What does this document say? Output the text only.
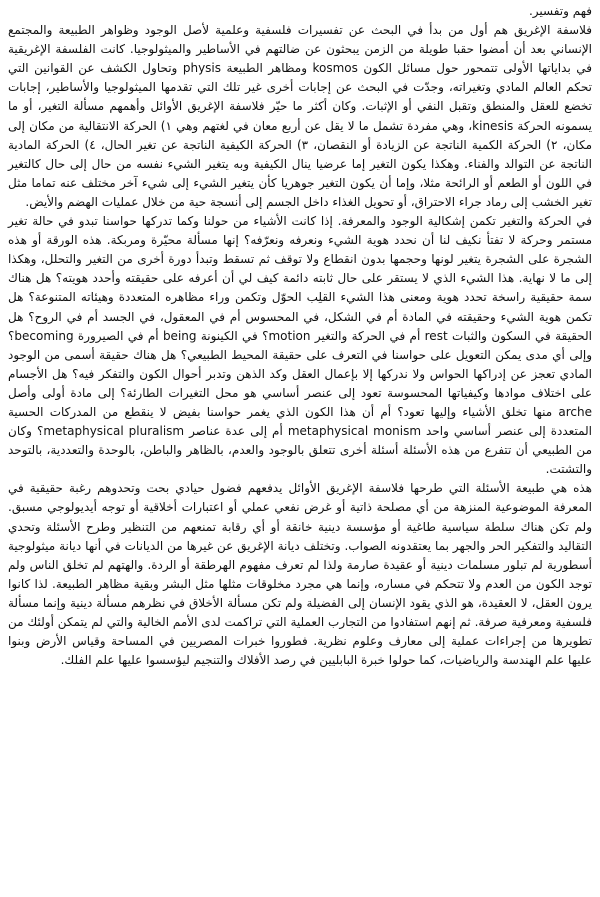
فهم وتفسير.

فلاسفة الإغريق هم أول من بدأ في البحث عن تفسيرات فلسفية وعلمية لأصل الوجود وظواهر الطبيعة والمجتمع الإنساني بعد أن أمضوا حقبا طويلة من الزمن يبحثون عن ضالتهم في الأساطير والميثولوجيا. كانت الفلسفة الإغريقية في بداياتها الأولى تتمحور حول مسائل الكون kosmos ومظاهر الطبيعة physis وتحاول الكشف عن القوانين التي تحكم العالم المادي وتغيراته، وجدّت في البحث عن إجابات أخرى غير تلك التي تقدمها الميثولوجيا والأساطير، إجابات تخضع للعقل والمنطق وتقبل النفي أو الإثبات. وكان أكثر ما حيّر فلاسفة الإغريق الأوائل وأهمهم مسألة التغير، أو ما يسمونه الحركة kinesis، وهي مفردة تشمل ما لا يقل عن أربع معان في لغتهم وهي ١) الحركة الانتقالية من مكان إلى مكان، ٢) الحركة الكمية الناتجة عن الزيادة أو النقصان، ٣) الحركة الكيفية الناتجة عن تغير الحال، ٤) الحركة المادية الناتجة عن التوالد والفناء. وهكذا يكون التغير إما عرضيا ينال الكيفية وبه يتغير الشيء نفسه من حال إلى حال كالتغير في اللون أو الطعم أو الرائحة مثلا، وإما أن يكون التغير جوهريا كأن يتغير الشيء إلى شيء آخر مختلف عنه تماما مثل تغير الخشب إلى رماد جراء الاحتراق، أو تحويل الغذاء داخل الجسم إلى أنسجة حية من خلال عمليات الهضم والأيض.

في الحركة والتغير تكمن إشكالية الوجود والمعرفة. إذا كانت الأشياء من حولنا وكما تدركها حواسنا تبدو في حالة تغير مستمر وحركة لا تفتأ نكيف لنا أن نحدد هوية الشيء ونعرفه ونعرّفه؟ إنها مسألة محيّرة ومربكة. هذه الورقة أو هذه الشجرة على الشجرة يتغير لونها وحجمها بدون انقطاع ولا توقف ثم تسقط وتبدأ دورة أخرى من التغير والتحلل، وهكذا إلى ما لا نهاية. هذا الشيء الذي لا يستقر على حال ثابته دائمة كيف لي أن أعرفه على حقيقته وأحدد هويته؟ هل هناك سمة حقيقية راسخة تحدد هوية ومعنى هذا الشيء القلِب الحوّل وتكمن وراء مظاهره المتعددة وهيئاته المتنوعة؟ هل تكمن هوية الشيء وحقيقته في المادة أم في الشكل، في المحسوس أم في المعقول، في الجسد أم في الروح؟ هل الحقيقة في السكون والثبات rest أم في الحركة والتغير motion؟ في الكينونة being أم في الصيرورة becoming؟ وإلى أي مدى يمكن التعويل على حواسنا في التعرف على حقيقة المحيط الطبيعي؟ هل هناك حقيقة أسمى من الوجود المادي تعجز عن إدراكها الحواس ولا ندركها إلا بإعمال العقل وكد الذهن وتدبر أحوال الكون والتفكر فيه؟ هل الأجسام على اختلاف موادها وكيفياتها المحسوسة تعود إلى عنصر أساسي هو محل التغيرات الطارئة؟ إلى مادة أولى وأصل arche منها تخلق الأشياء وإليها تعود؟ أم أن هذا الكون الذي يغمر حواسنا بفيض لا ينقطع من المدركات الحسية المتعددة إلى عنصر أساسي واحد metaphysical monism أم إلى عدة عناصر metaphysical pluralism؟ وكان من الطبيعي أن تتفرع من هذه الأسئلة أسئلة أخرى تتعلق بالوجود والعدم، بالظاهر والباطن، بالوحدة والتعددية، بالتوحد والتشتت.

هذه هي طبيعة الأسئلة التي طرحها فلاسفة الإغريق الأوائل يدفعهم فضول حيادي بحت وتحدوهم رغبة حقيقية في المعرفة الموضوعية المنزهة من أي مصلحة ذاتية أو غرض نفعي عملي أو اعتبارات أخلاقية أو توجه أيديولوجي مسبق. ولم تكن هناك سلطة سياسية طاغية أو مؤسسة دينية خانقة أو أي رقابة تمنعهم من التنظير وطرح الأسئلة وتحدي التقاليد والتفكير الحر والجهر بما يعتقدونه الصواب. وتختلف ديانة الإغريق عن غيرها من الديانات في أنها ديانة ميثولوجية أسطورية لم تبلور مسلمات دينية أو عقيدة صارمة ولذا لم تعرف مفهوم الهرطقة أو الردة. والهتهم لم تخلق الناس ولم توجد الكون من العدم ولا تتحكم في مساره، وإنما هي مجرد مخلوقات مثلها مثل البشر وبقية مظاهر الطبيعة. لذا كانوا يرون العقل، لا العقيدة، هو الذي يقود الإنسان إلى الفضيلة ولم تكن مسألة الأخلاق في نظرهم مسألة دينية وإنما مسألة فلسفية ومعرفية صرفة. ثم إنهم استفادوا من التجارب العملية التي تراكمت لدى الأمم الخالية والتي لم يتمكن أولئك من تطويرها من إجراءات عملية إلى معارف وعلوم نظرية. فطوروا خبرات المصريين في المساحة وقياس الأرض وبنوا عليها علم الهندسة والرياضيات، كما حولوا خبرة البابليين في رصد الأفلاك والتنجيم ليؤسسوا عليها علم الفلك.
